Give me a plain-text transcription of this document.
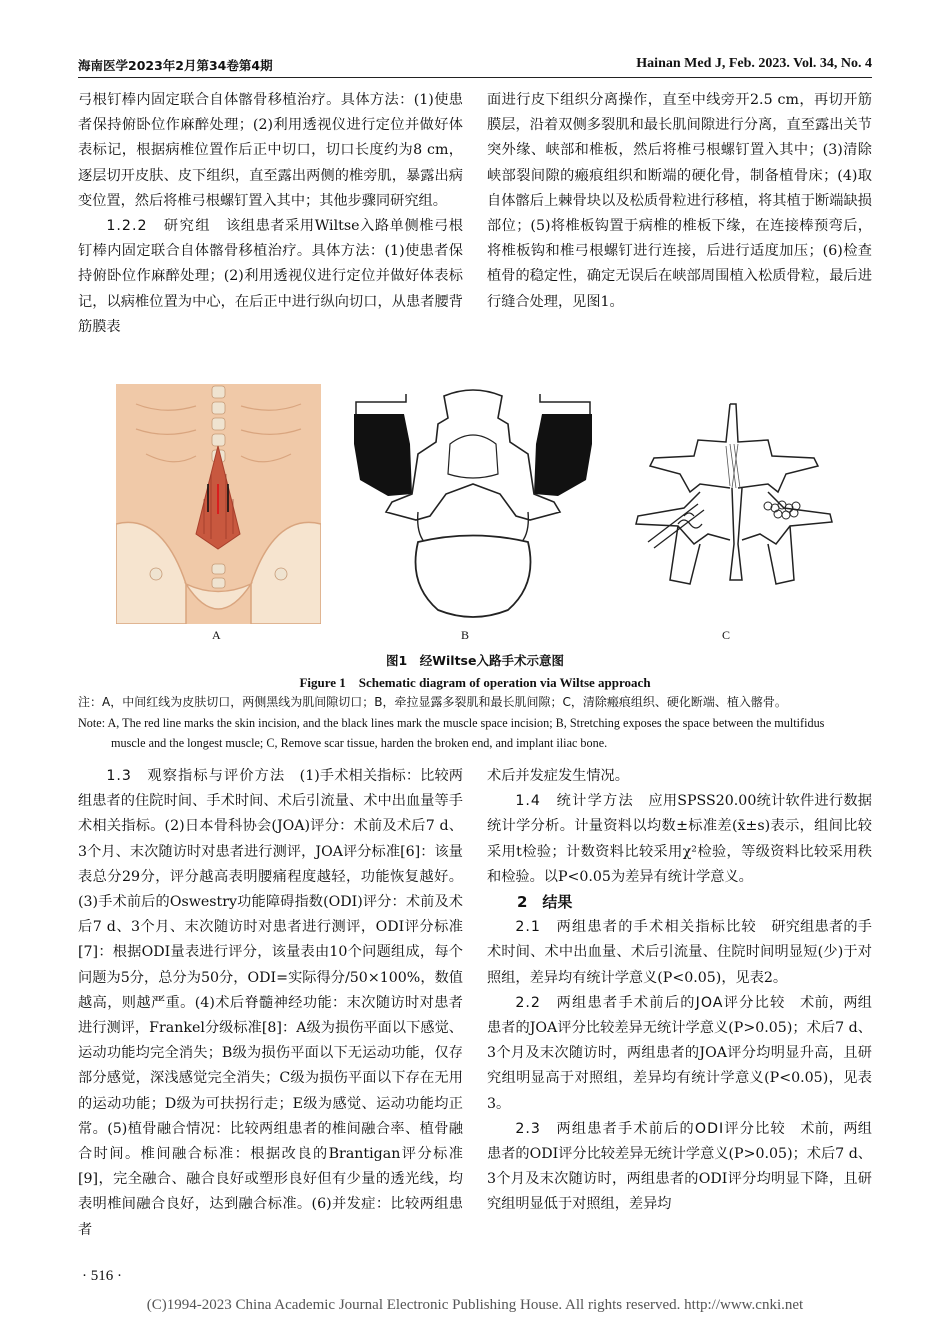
海南医学2023年2月第34卷第4期	Hainan Med J, Feb. 2023. Vol. 34, No. 4

弓根钉棒内固定联合自体髂骨移植治疗。具体方法：(1)使患者保持俯卧位作麻醉处理；(2)利用透视仪进行定位并做好体表标记，根据病椎位置作后正中切口，切口长度约为8 cm，逐层切开皮肤、皮下组织，直至露出两侧的椎旁肌，暴露出病变位置，然后将椎弓根螺钉置入其中；其他步骤同研究组。

1.2.2　研究组　 该组患者采用Wiltse入路单侧椎弓根钉棒内固定联合自体髂骨移植治疗。具体方法：(1)使患者保持俯卧位作麻醉处理；(2)利用透视仪进行定位并做好体表标记，以病椎位置为中心，在后正中进行纵向切口，从患者腰背筋膜表

面进行皮下组织分离操作，直至中线旁开2.5 cm，再切开筋膜层，沿着双侧多裂肌和最长肌间隙进行分离，直至露出关节突外缘、峡部和椎板，然后将椎弓根螺钉置入其中；(3)清除峡部裂间隙的瘢痕组织和断端的硬化骨，制备植骨床；(4)取自体髂后上棘骨块以及松质骨粒进行移植，将其植于断端缺损部位；(5)将椎板钩置于病椎的椎板下缘，在连接棒预弯后，将椎板钩和椎弓根螺钉进行连接，后进行适度加压；(6)检查植骨的稳定性，确定无误后在峡部周围植入松质骨粒，最后进行缝合处理，见图1。

A	B	C
图1　经Wiltse入路手术示意图
Figure 1　Schematic diagram of operation via Wiltse approach
注：A，中间红线为皮肤切口，两侧黑线为肌间隙切口；B，牵拉显露多裂肌和最长肌间隙；C，清除瘢痕组织、硬化断端、植入髂骨。
Note: A, The red line marks the skin incision, and the black lines mark the muscle space incision; B, Stretching exposes the space between the multifidus
muscle and the longest muscle; C, Remove scar tissue, harden the broken end, and implant iliac bone.

1.3　观察指标与评价方法　 (1)手术相关指标：比较两组患者的住院时间、手术时间、术后引流量、术中出血量等手术相关指标。(2)日本骨科协会(JOA)评分：术前及术后7 d、3个月、末次随访时对患者进行测评，JOA评分标准[6]：该量表总分29分，评分越高表明腰痛程度越轻，功能恢复越好。(3)手术前后的Oswestry功能障碍指数(ODI)评分：术前及术后7 d、3个月、末次随访时对患者进行测评，ODI评分标准[7]：根据ODI量表进行评分，该量表由10个问题组成，每个问题为5分，总分为50分，ODI=实际得分/50×100%，数值越高，则越严重。(4)术后脊髓神经功能：末次随访时对患者进行测评，Frankel分级标准[8]：A级为损伤平面以下感觉、运动功能均完全消失；B级为损伤平面以下无运动功能，仅存部分感觉，深浅感觉完全消失；C级为损伤平面以下存在无用的运动功能；D级为可扶拐行走；E级为感觉、运动功能均正常。(5)植骨融合情况：比较两组患者的椎间融合率、植骨融合时间。椎间融合标准：根据改良的Brantigan评分标准[9]，完全融合、融合良好或塑形良好但有少量的透光线，均表明椎间融合良好，达到融合标准。(6)并发症：比较两组患者

术后并发症发生情况。

1.4　统计学方法　 应用SPSS20.00统计软件进行数据统计学分析。计量资料以均数±标准差(x̄±s)表示，组间比较采用t检验；计数资料比较采用χ²检验，等级资料比较采用秩和检验。以P<0.05为差异有统计学意义。

2　结果

2.1　两组患者的手术相关指标比较　 研究组患者的手术时间、术中出血量、术后引流量、住院时间明显短(少)于对照组，差异均有统计学意义(P<0.05)，见表2。

2.2　两组患者手术前后的JOA评分比较　 术前，两组患者的JOA评分比较差异无统计学意义(P>0.05)；术后7 d、3个月及末次随访时，两组患者的JOA评分均明显升高，且研究组明显高于对照组，差异均有统计学意义(P<0.05)，见表3。

2.3　两组患者手术前后的ODI评分比较　 术前，两组患者的ODI评分比较差异无统计学意义(P>0.05)；术后7 d、3个月及末次随访时，两组患者的ODI评分均明显下降，且研究组明显低于对照组，差异均

· 516 ·
(C)1994-2023 China Academic Journal Electronic Publishing House. All rights reserved. http://www.cnki.net
